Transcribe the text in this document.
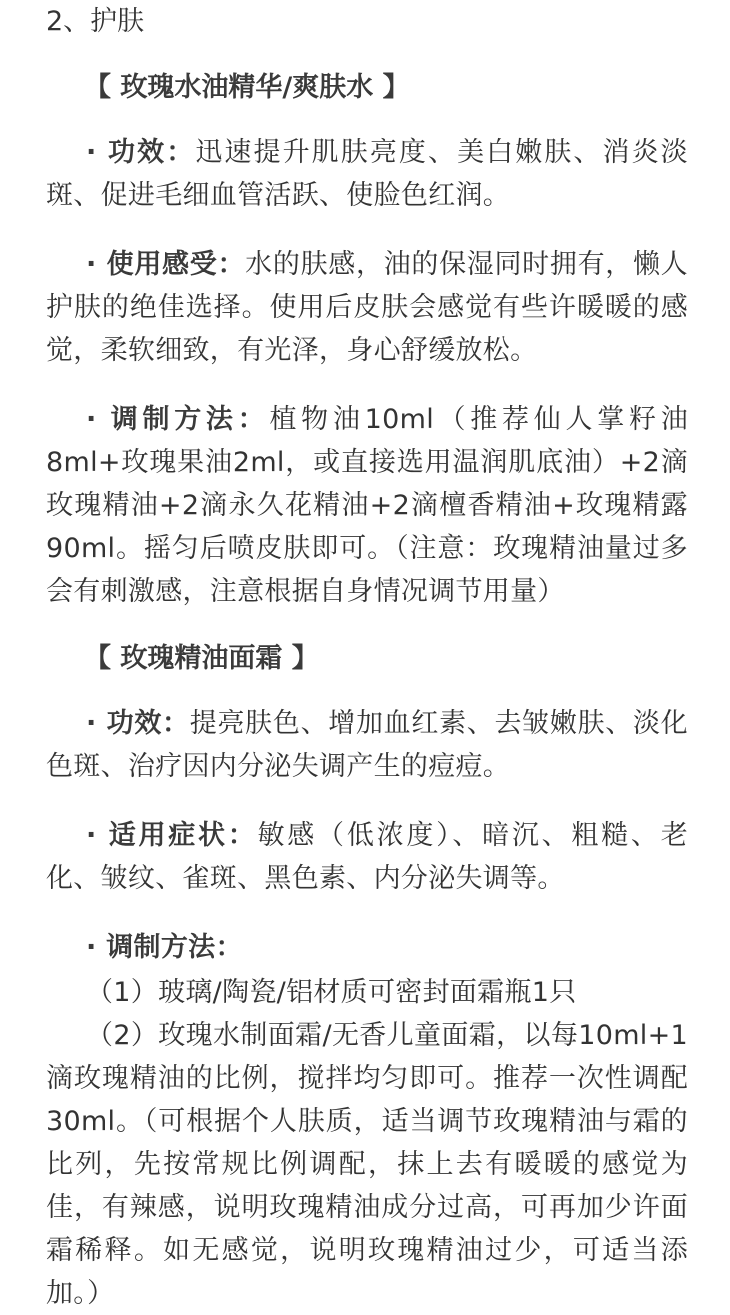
2、护肤

【 玫瑰水油精华/爽肤水 】

· 功效：迅速提升肌肤亮度、美白嫩肤、消炎淡斑、促进毛细血管活跃、使脸色红润。

· 使用感受：水的肤感，油的保湿同时拥有，懒人护肤的绝佳选择。使用后皮肤会感觉有些许暖暖的感觉，柔软细致，有光泽，身心舒缓放松。

· 调制方法：植物油10ml（推荐仙人掌籽油8ml+玫瑰果油2ml，或直接选用温润肌底油）+2滴玫瑰精油+2滴永久花精油+2滴檀香精油+玫瑰精露90ml。摇匀后喷皮肤即可。（注意：玫瑰精油量过多会有刺激感，注意根据自身情况调节用量）

【 玫瑰精油面霜 】

· 功效：提亮肤色、增加血红素、去皱嫩肤、淡化色斑、治疗因内分泌失调产生的痘痘。

· 适用症状：敏感（低浓度）、暗沉、粗糙、老化、皱纹、雀斑、黑色素、内分泌失调等。

· 调制方法：

（1）玻璃/陶瓷/铝材质可密封面霜瓶1只

（2）玫瑰水制面霜/无香儿童面霜，以每10ml+1滴玫瑰精油的比例，搅拌均匀即可。推荐一次性调配30ml。（可根据个人肤质，适当调节玫瑰精油与霜的比列，先按常规比例调配，抹上去有暖暖的感觉为佳，有辣感，说明玫瑰精油成分过高，可再加少许面霜稀释。如无感觉，说明玫瑰精油过少，可适当添加。）
